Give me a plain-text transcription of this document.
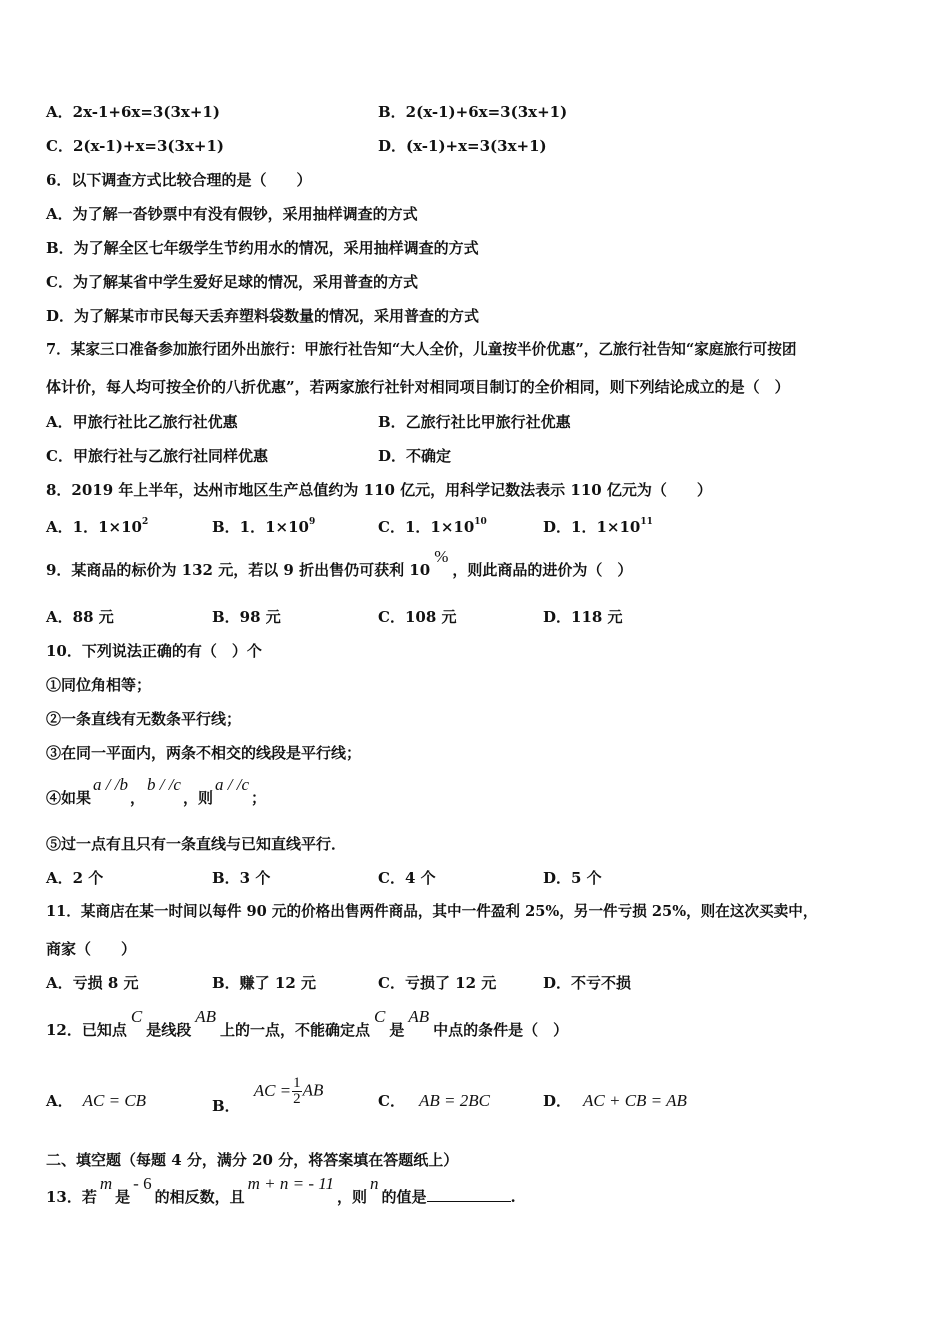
A．2x-1+6x=3(3x+1)	B．2(x-1)+6x=3(3x+1)
C．2(x-1)+x=3(3x+1)	D．(x-1)+x=3(3x+1)
6．以下调查方式比较合理的是（　　）
A．为了解一沓钞票中有没有假钞，采用抽样调查的方式
B．为了解全区七年级学生节约用水的情况，采用抽样调查的方式
C．为了解某省中学生爱好足球的情况，采用普查的方式
D．为了解某市市民每天丢弃塑料袋数量的情况，采用普查的方式
7．某家三口准备参加旅行团外出旅行：甲旅行社告知“大人全价，儿童按半价优惠”，乙旅行社告知“家庭旅行可按团
体计价，每人均可按全价的八折优惠”，若两家旅行社针对相同项目制订的全价相同，则下列结论成立的是（　）
A．甲旅行社比乙旅行社优惠	B．乙旅行社比甲旅行社优惠
C．甲旅行社与乙旅行社同样优惠	D．不确定
8．2019 年上半年，达州市地区生产总值约为 110 亿元，用科学记数法表示 110 亿元为（　　）
A．1．$1\times 10^2$	B．1．$1\times 10^9$	C．1．$1\times 10^{10}$	D．1．$1\times 10^{11}$
9．某商品的标价为 132 元，若以 9 折出售仍可获利 10%，则此商品的进价为（　）
A．88 元	B．98 元	C．108 元	D．118 元
10．下列说法正确的有（　）个
①同位角相等；
②一条直线有无数条平行线；
③在同一平面内，两条不相交的线段是平行线；
④如果a / /b，b / /c，则a / /c；
⑤过一点有且只有一条直线与已知直线平行．
A．2 个	B．3 个	C．4 个	D．5 个
11．某商店在某一时间以每件 90 元的价格出售两件商品，其中一件盈利 25%，另一件亏损 25%，则在这次买卖中，
商家（　　）
A．亏损 8 元	B．赚了 12 元	C．亏损了 12 元	D．不亏不损
12．已知点C是线段AB上的一点，不能确定点C是AB中点的条件是（　）
A． AC = CB	B．AC = $\frac{1}{2}$ AB
C． AB = 2BC	D． AC + CB = AB
二、填空题（每题 4 分，满分 20 分，将答案填在答题纸上）
13．若m是- 6的相反数，且m + n = - 11，则n的值是	.
